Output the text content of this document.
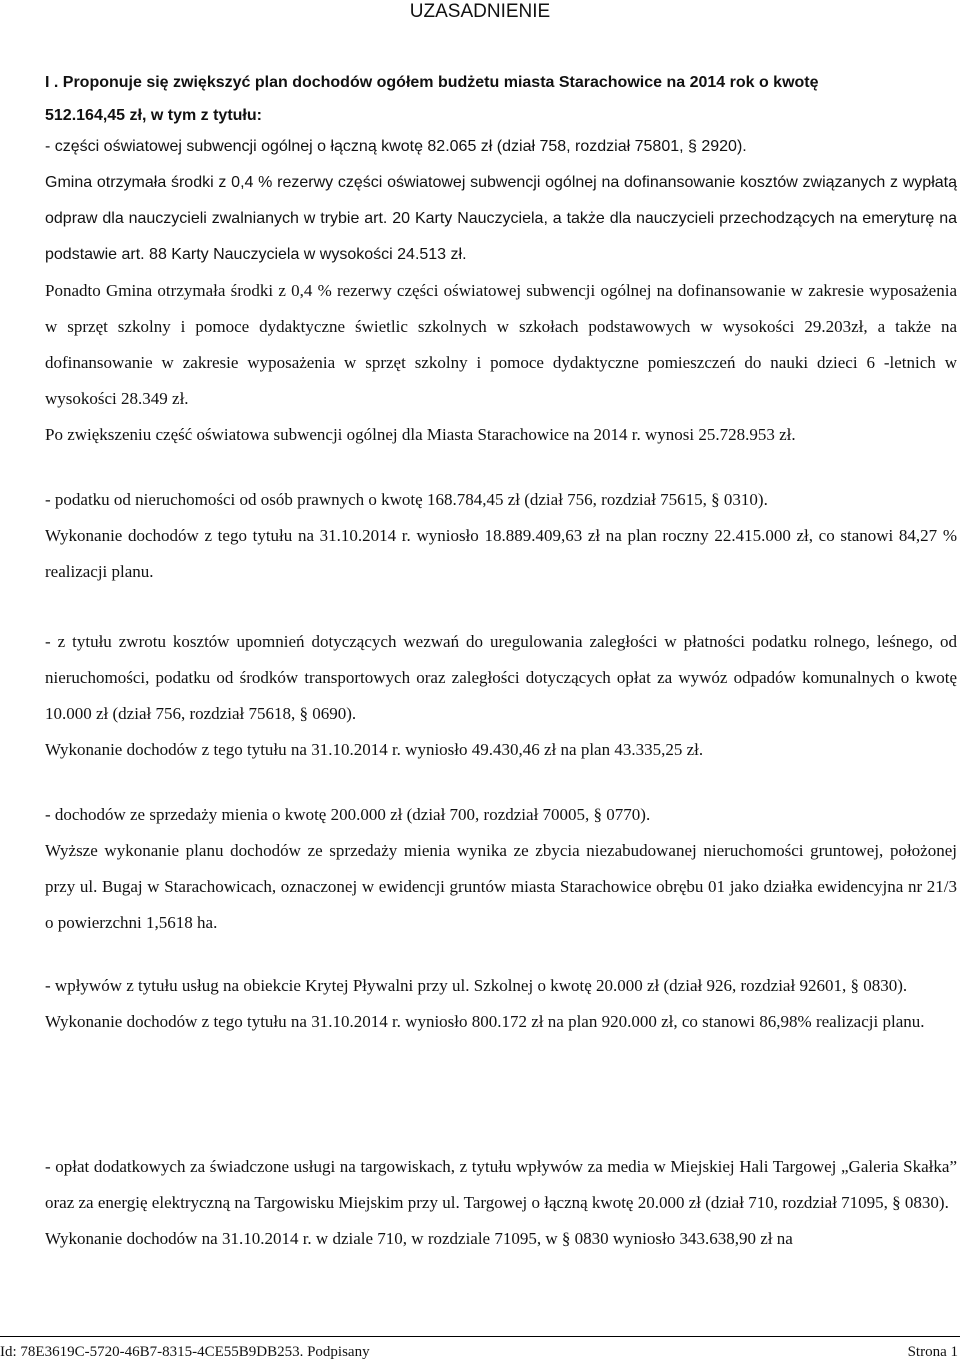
UZASADNIENIE
I . Proponuje się zwiększyć plan dochodów ogółem budżetu miasta Starachowice na 2014 rok o kwotę
512.164,45 zł, w tym z tytułu:

- części oświatowej subwencji ogólnej o łączną kwotę 82.065 zł (dział 758, rozdział 75801, § 2920).

Gmina otrzymała środki z 0,4 % rezerwy części oświatowej subwencji ogólnej na dofinansowanie kosztów związanych z wypłatą odpraw dla nauczycieli zwalnianych w trybie art. 20 Karty Nauczyciela, a także dla nauczycieli przechodzących na emeryturę na podstawie art. 88 Karty Nauczyciela w wysokości 24.513 zł.

Ponadto Gmina otrzymała środki z 0,4 % rezerwy części oświatowej subwencji ogólnej na dofinansowanie w zakresie wyposażenia w sprzęt szkolny i pomoce dydaktyczne świetlic szkolnych w szkołach podstawowych w wysokości 29.203zł, a także na dofinansowanie w zakresie wyposażenia w sprzęt szkolny i pomoce dydaktyczne pomieszczeń do nauki dzieci 6 -letnich w wysokości 28.349 zł.

Po zwiększeniu część oświatowa subwencji ogólnej dla Miasta Starachowice na 2014 r. wynosi 25.728.953 zł.

- podatku od nieruchomości od osób prawnych o kwotę 168.784,45 zł (dział 756, rozdział 75615, § 0310).

Wykonanie dochodów z tego tytułu na 31.10.2014 r. wyniosło 18.889.409,63 zł na plan roczny 22.415.000 zł, co stanowi 84,27 % realizacji planu.

- z tytułu zwrotu kosztów upomnień dotyczących wezwań do uregulowania zaległości w płatności podatku rolnego, leśnego, od nieruchomości, podatku od środków transportowych oraz zaległości dotyczących opłat za wywóz odpadów komunalnych o kwotę 10.000 zł (dział 756, rozdział 75618, § 0690).

Wykonanie dochodów z tego tytułu na 31.10.2014 r. wyniosło 49.430,46 zł na plan 43.335,25 zł.

- dochodów ze sprzedaży mienia o kwotę 200.000 zł (dział 700, rozdział 70005, § 0770).

Wyższe wykonanie planu dochodów ze sprzedaży mienia wynika ze zbycia niezabudowanej nieruchomości gruntowej, położonej przy ul. Bugaj w Starachowicach, oznaczonej w ewidencji gruntów miasta Starachowice obrębu 01 jako działka ewidencyjna nr 21/3 o powierzchni 1,5618 ha.

- wpływów z tytułu usług na obiekcie Krytej Pływalni przy ul. Szkolnej o kwotę 20.000 zł (dział 926, rozdział 92601, § 0830).

Wykonanie dochodów z tego tytułu na 31.10.2014 r. wyniosło 800.172 zł na plan 920.000 zł, co stanowi 86,98% realizacji planu.

- opłat dodatkowych za świadczone usługi na targowiskach, z tytułu wpływów za media w Miejskiej Hali Targowej „Galeria Skałka” oraz za energię elektryczną na Targowisku Miejskim przy ul. Targowej o łączną kwotę 20.000 zł (dział 710, rozdział 71095, § 0830).

Wykonanie dochodów na 31.10.2014 r. w dziale 710, w rozdziale 71095, w § 0830 wyniosło 343.638,90 zł na

Id: 78E3619C-5720-46B7-8315-4CE55B9DB253. Podpisany	Strona 1
